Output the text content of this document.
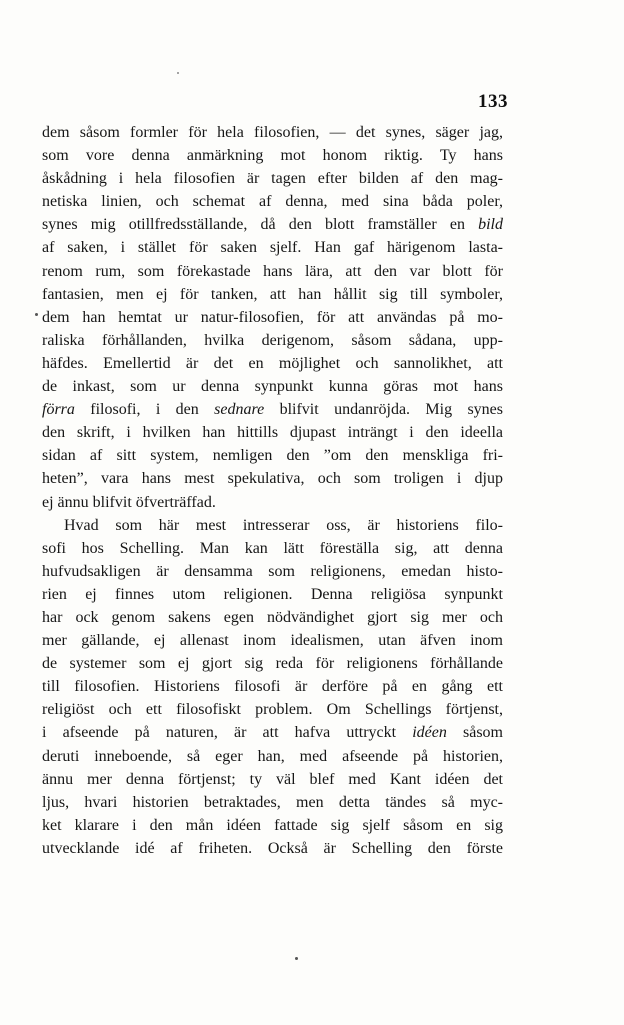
133
dem såsom formler för hela filosofien, — det synes, säger jag,
som vore denna anmärkning mot honom riktig. Ty hans
åskådning i hela filosofien är tagen efter bilden af den mag-
netiska linien, och schemat af denna, med sina båda poler,
synes mig otillfredsställande, då den blott framställer en bild
af saken, i stället för saken sjelf. Han gaf härigenom lasta-
renom rum, som förekastade hans lära, att den var blott för
fantasien, men ej för tanken, att han hållit sig till symboler,
dem han hemtat ur natur-filosofien, för att användas på mo-
raliska förhållanden, hvilka derigenom, såsom sådana, upp-
häfdes. Emellertid är det en möjlighet och sannolikhet, att
de inkast, som ur denna synpunkt kunna göras mot hans
förra filosofi, i den sednare blifvit undanröjda. Mig synes
den skrift, i hvilken han hittills djupast inträngt i den ideella
sidan af sitt system, nemligen den ”om den menskliga fri-
heten”, vara hans mest spekulativa, och som troligen i djup
ej ännu blifvit öfverträffad.
Hvad som här mest intresserar oss, är historiens filo-
sofi hos Schelling. Man kan lätt föreställa sig, att denna
hufvudsakligen är densamma som religionens, emedan histo-
rien ej finnes utom religionen. Denna religiösa synpunkt
har ock genom sakens egen nödvändighet gjort sig mer och
mer gällande, ej allenast inom idealismen, utan äfven inom
de systemer som ej gjort sig reda för religionens förhållande
till filosofien. Historiens filosofi är derföre på en gång ett
religiöst och ett filosofiskt problem. Om Schellings förtjenst,
i afseende på naturen, är att hafva uttryckt idéen såsom
deruti inneboende, så eger han, med afseende på historien,
ännu mer denna förtjenst; ty väl blef med Kant idéen det
ljus, hvari historien betraktades, men detta tändes så myc-
ket klarare i den mån idéen fattade sig sjelf såsom en sig
utvecklande idé af friheten. Också är Schelling den förste
